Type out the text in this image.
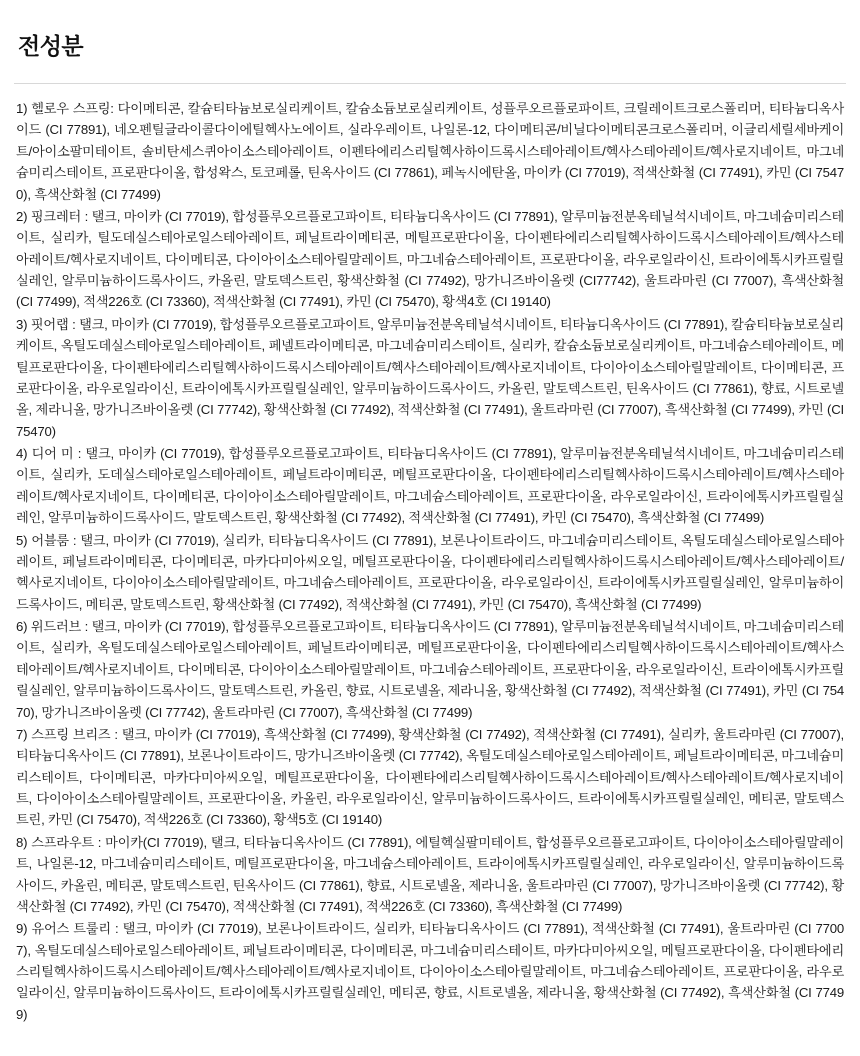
전성분

1) 헬로우 스프링: 다이메티콘, 칼슘티타늄보로실리케이트, 칼슘소듐보로실리케이트, 성플루오르플로파이트, 크릴레이트크로스폴리머, 티타늄디옥사이드 (CI 77891), 네오펜틸글라이콜다이에틸헥사노에이트, 실라우레이트, 나일론-12, 다이메티콘/비닐다이메티콘크로스폴리머, 이글리세릴세바케이트/아이소팔미테이트, 솔비탄세스퀴아이소스테아레이트, 이펜타에리스리틸헥사하이드록시스테아레이트/헥사스테아레이트/헥사로지네이트, 마그네슘미리스테이트, 프로판다이올, 합성왁스, 토코페롤, 틴옥사이드 (CI 77861), 페녹시에탄올, 마이카 (CI 77019), 적색산화철 (CI 77491), 카민 (CI 75470), 흑색산화철 (CI 77499)

2) 핑크레터 : 탤크, 마이카 (CI 77019), 합성플루오르플로고파이트, 티타늄디옥사이드 (CI 77891), 알루미늄전분옥테닐석시네이트, 마그네슘미리스테이트, 실리카, 틸도데실스테아로일스테아레이트, 페닐트라이메티콘, 메틸프로판다이올, 다이펜타에리스리틸헥사하이드록시스테아레이트/헥사스테아레이트/헥사로지네이트, 다이메티콘, 다이아이소스테아릴말레이트, 마그네슘스테아레이트, 프로판다이올, 라우로일라이신, 트라이에톡시카프릴릴실레인, 알루미늄하이드록사이드, 카올린, 말토덱스트린, 황색산화철 (CI 77492), 망가니즈바이올렛 (CI77742), 울트라마린 (CI 77007), 흑색산화철 (CI 77499), 적색226호 (CI 73360), 적색산화철 (CI 77491), 카민 (CI 75470), 황색4호 (CI 19140)

3) 핏어랩 : 탤크, 마이카 (CI 77019), 합성플루오르플로고파이트, 알루미늄전분옥테닐석시네이트, 티타늄디옥사이드 (CI 77891), 칼슘티타늄보로실리케이트, 옥틸도데실스테아로일스테아레이트, 페넬트라이메티콘, 마그네슘미리스테이트, 실리카, 칼슘소듐보로실리케이트, 마그네슘스테아레이트, 메틸프로판다이올, 다이펜타에리스리틸헥사하이드록시스테아레이트/헥사스테아레이트/헥사로지네이트, 다이아이소스테아릴말레이트, 다이메티콘, 프로판다이올, 라우로일라이신, 트라이에톡시카프릴릴실레인, 알루미늄하이드록사이드, 카올린, 말토덱스트린, 틴옥사이드 (CI 77861), 향료, 시트로넬올, 제라니올, 망가니즈바이올렛 (CI 77742), 황색산화철 (CI 77492), 적색산화철 (CI 77491), 울트라마린 (CI 77007), 흑색산화철 (CI 77499), 카민 (CI 75470)

4) 디어 미 : 탤크, 마이카 (CI 77019), 합성플루오르플로고파이트, 티타늄디옥사이드 (CI 77891), 알루미늄전분옥테닐석시네이트, 마그네슘미리스테이트, 실리카, 도데실스테아로일스테아레이트, 페닐트라이메티콘, 메틸프로판다이올, 다이펜타에리스리틸헥사하이드록시스테아레이트/헥사스테아레이트/헥사로지네이트, 다이메티콘, 다이아이소스테아릴말레이트, 마그네슘스테아레이트, 프로판다이올, 라우로일라이신, 트라이에톡시카프릴릴실레인, 알루미늄하이드록사이드, 말토덱스트린, 황색산화철 (CI 77492), 적색산화철 (CI 77491), 카민 (CI 75470), 흑색산화철 (CI 77499)

5) 어블룸 : 탤크, 마이카 (CI 77019), 실리카, 티타늄디옥사이드 (CI 77891), 보론나이트라이드, 마그네슘미리스테이트, 옥틸도데실스테아로일스테아레이트, 페닐트라이메티콘, 다이메티콘, 마카다미아씨오일, 메틸프로판다이올, 다이펜타에리스리틸헥사하이드록시스테아레이트/헥사스테아레이트/헥사로지네이트, 다이아이소스테아릴말레이트, 마그네슘스테아레이트, 프로판다이올, 라우로일라이신, 트라이에톡시카프릴릴실레인, 알루미늄하이드록사이드, 메티콘, 말토덱스트린, 황색산화철 (CI 77492), 적색산화철 (CI 77491), 카민 (CI 75470), 흑색산화철 (CI 77499)

6) 위드러브 : 탤크, 마이카 (CI 77019), 합성플루오르플로고파이트, 티타늄디옥사이드 (CI 77891), 알루미늄전분옥테닐석시네이트, 마그네슘미리스테이트, 실리카, 옥틸도데실스테아로일스테아레이트, 페닐트라이메티콘, 메틸프로판다이올, 다이펜타에리스리틸헥사하이드록시스테아레이트/헥사스테아레이트/헥사로지네이트, 다이메티콘, 다이아이소스테아릴말레이트, 마그네슘스테아레이트, 프로판다이올, 라우로일라이신, 트라이에톡시카프릴릴실레인, 알루미늄하이드록사이드, 말토덱스트린, 카올린, 향료, 시트로넬올, 제라니올, 황색산화철 (CI 77492), 적색산화철 (CI 77491), 카민 (CI 75470), 망가니즈바이올렛 (CI 77742), 울트라마린 (CI 77007), 흑색산화철 (CI 77499)

7) 스프링 브리즈 : 탤크, 마이카 (CI 77019), 흑색산화철 (CI 77499), 황색산화철 (CI 77492), 적색산화철 (CI 77491), 실리카, 울트라마린 (CI 77007), 티타늄디옥사이드 (CI 77891), 보론나이트라이드, 망가니즈바이올렛 (CI 77742), 옥틸도데실스테아로일스테아레이트, 페닐트라이메티콘, 마그네슘미리스테이트, 다이메티콘, 마카다미아씨오일, 메틸프로판다이올, 다이펜타에리스리틸헥사하이드록시스테아레이트/헥사스테아레이트/헥사로지네이트, 다이아이소스테아릴말레이트, 프로판다이올, 카올린, 라우로일라이신, 알루미늄하이드록사이드, 트라이에톡시카프릴릴실레인, 메티콘, 말토덱스트린, 카민 (CI 75470), 적색226호 (CI 73360), 황색5호 (CI 19140)

8) 스프라우트 : 마이카(CI 77019), 탤크, 티타늄디옥사이드 (CI 77891), 에틸헥실팔미테이트, 합성플루오르플로고파이트, 다이아이소스테아릴말레이트, 나일론-12, 마그네슘미리스테이트, 메틸프로판다이올, 마그네슘스테아레이트, 트라이에톡시카프릴릴실레인, 라우로일라이신, 알루미늄하이드록사이드, 카올린, 메티콘, 말토덱스트린, 틴옥사이드 (CI 77861), 향료, 시트로넬올, 제라니올, 울트라마린 (CI 77007), 망가니즈바이올렛 (CI 77742), 황색산화철 (CI 77492), 카민 (CI 75470), 적색산화철 (CI 77491), 적색226호 (CI 73360), 흑색산화철 (CI 77499)

9) 유어스 트룰리 : 탤크, 마이카 (CI 77019), 보론나이트라이드, 실리카, 티타늄디옥사이드 (CI 77891), 적색산화철 (CI 77491), 울트라마린 (CI 77007), 옥틸도데실스테아로일스테아레이트, 페닐트라이메티콘, 다이메티콘, 마그네슘미리스테이트, 마카다미아씨오일, 메틸프로판다이올, 다이펜타에리스리틸헥사하이드록시스테아레이트/헥사스테아레이트/헥사로지네이트, 다이아이소스테아릴말레이트, 마그네슘스테아레이트, 프로판다이올, 라우로일라이신, 알루미늄하이드록사이드, 트라이에톡시카프릴릴실레인, 메티콘, 향료, 시트로넬올, 제라니올, 황색산화철 (CI 77492), 흑색산화철 (CI 77499)
